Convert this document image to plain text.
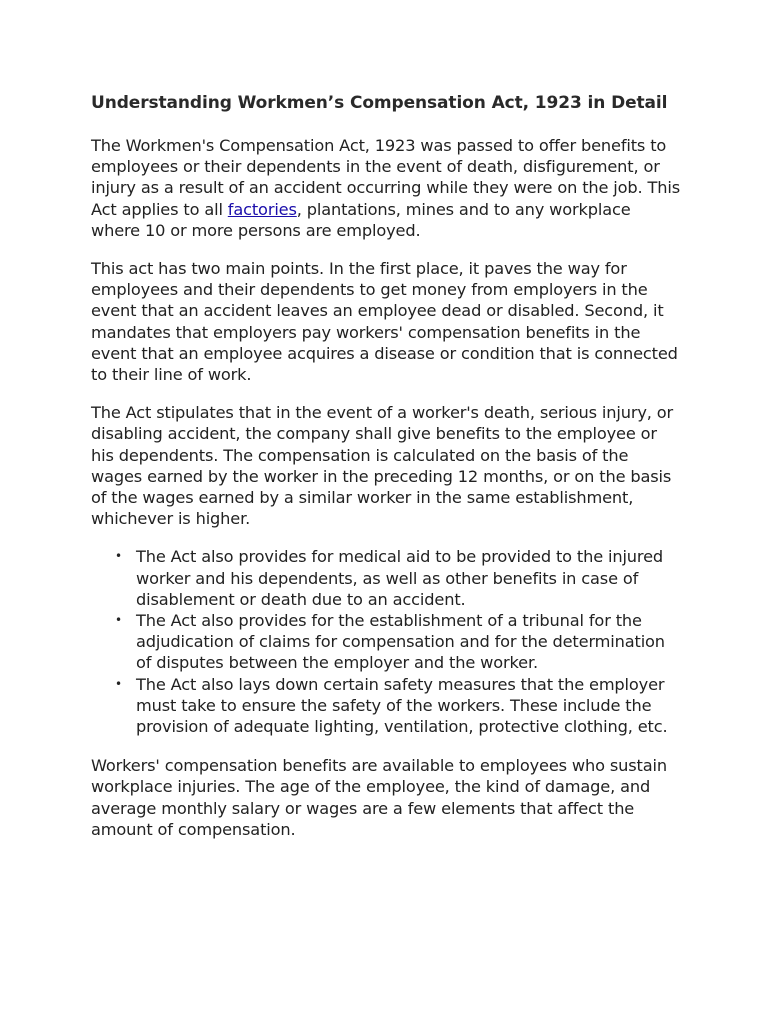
Understanding Workmen’s Compensation Act, 1923 in Detail

The Workmen's Compensation Act, 1923 was passed to offer benefits to employees or their dependents in the event of death, disfigurement, or injury as a result of an accident occurring while they were on the job. This Act applies to all factories, plantations, mines and to any workplace where 10 or more persons are employed.

This act has two main points. In the first place, it paves the way for employees and their dependents to get money from employers in the event that an accident leaves an employee dead or disabled. Second, it mandates that employers pay workers' compensation benefits in the event that an employee acquires a disease or condition that is connected to their line of work.

The Act stipulates that in the event of a worker's death, serious injury, or disabling accident, the company shall give benefits to the employee or his dependents. The compensation is calculated on the basis of the wages earned by the worker in the preceding 12 months, or on the basis of the wages earned by a similar worker in the same establishment, whichever is higher.

• The Act also provides for medical aid to be provided to the injured worker and his dependents, as well as other benefits in case of disablement or death due to an accident.
• The Act also provides for the establishment of a tribunal for the adjudication of claims for compensation and for the determination of disputes between the employer and the worker.
• The Act also lays down certain safety measures that the employer must take to ensure the safety of the workers. These include the provision of adequate lighting, ventilation, protective clothing, etc.

Workers' compensation benefits are available to employees who sustain workplace injuries. The age of the employee, the kind of damage, and average monthly salary or wages are a few elements that affect the amount of compensation.
